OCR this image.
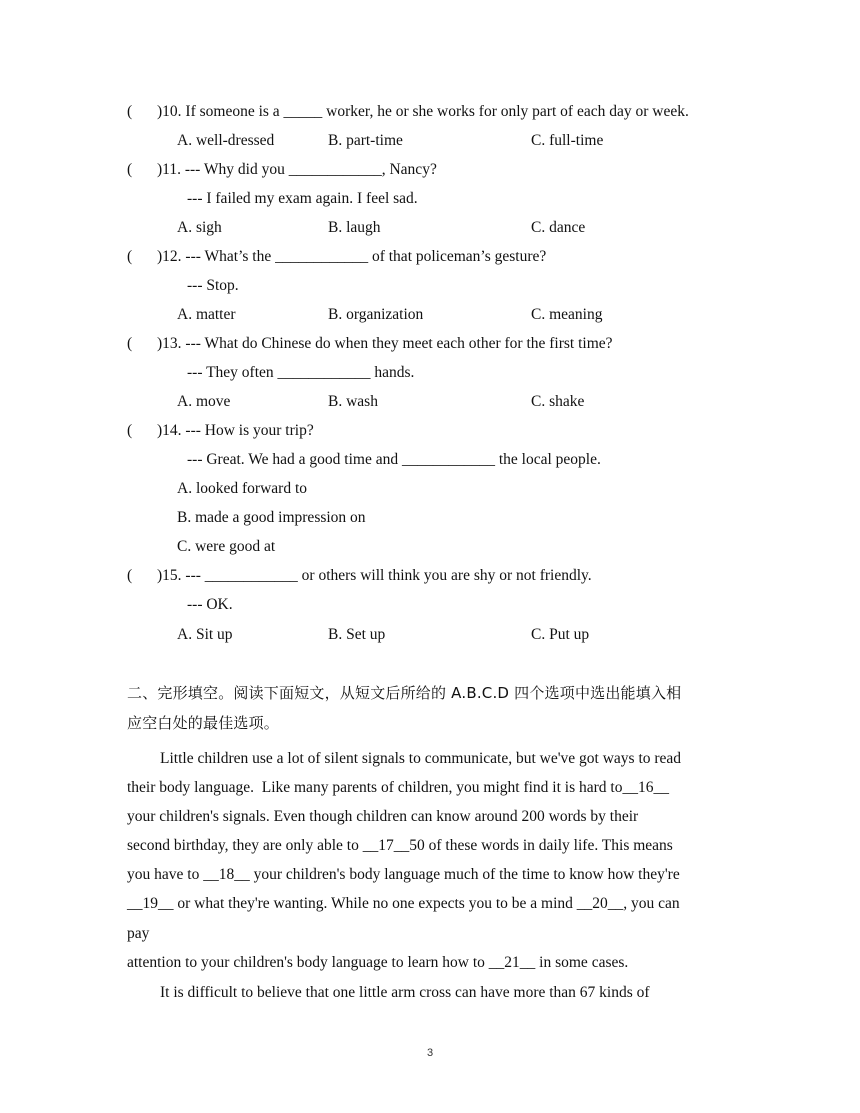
( )10. If someone is a _____ worker, he or she works for only part of each day or week.
A. well-dressed	B. part-time	C. full-time
( )11. --- Why did you ____________, Nancy?
--- I failed my exam again. I feel sad.
A. sigh	B. laugh	C. dance
( )12. --- What’s the ____________ of that policeman’s gesture?
--- Stop.
A. matter	B. organization	C. meaning
( )13. --- What do Chinese do when they meet each other for the first time?
--- They often ____________ hands.
A. move	B. wash	C. shake
( )14. --- How is your trip?
--- Great. We had a good time and ____________ the local people.
A. looked forward to
B. made a good impression on
C. were good at
( )15. --- ____________ or others will think you are shy or not friendly.
--- OK.
A. Sit up	B. Set up	C. Put up
二、完形填空。阅读下面短文，从短文后所给的 A.B.C.D 四个选项中选出能填入相
应空白处的最佳选项。
Little children use a lot of silent signals to communicate, but we've got ways to read
their body language.  Like many parents of children, you might find it is hard to__16__
your children's signals. Even though children can know around 200 words by their
second birthday, they are only able to __17__50 of these words in daily life. This means
you have to __18__ your children's body language much of the time to know how they're
__19__ or what they're wanting. While no one expects you to be a mind __20__, you can
pay
attention to your children's body language to learn how to __21__ in some cases.
It is difficult to believe that one little arm cross can have more than 67 kinds of
3
